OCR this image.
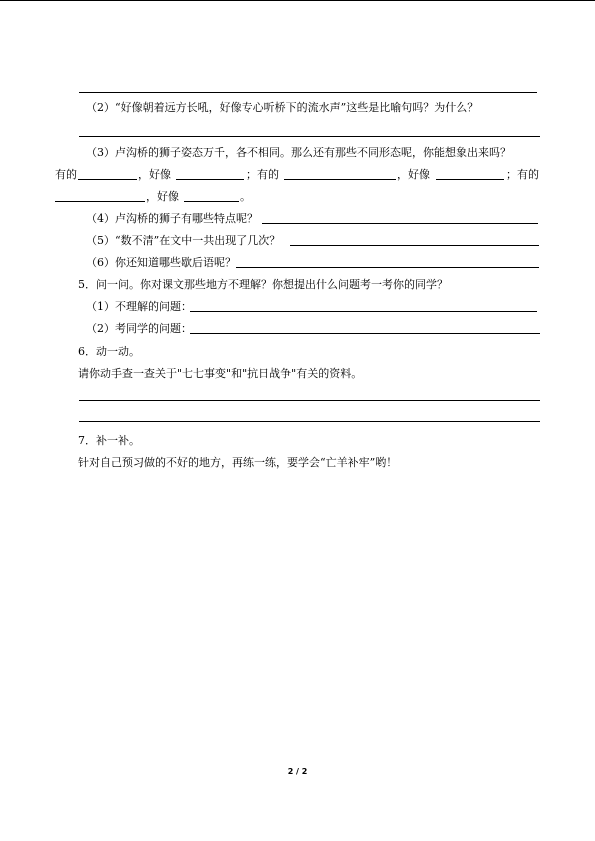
（2）“好像朝着远方长吼，好像专心听桥下的流水声”这些是比喻句吗？为什么？
（3）卢沟桥的狮子姿态万千，各不相同。那么还有那些不同形态呢，你能想象出来吗？
有的	，好像	；有的	，好像	；有的
，好像	。
（4）卢沟桥的狮子有哪些特点呢？
（5）“数不清”在文中一共出现了几次？
（6）你还知道哪些歇后语呢？
5．问一问。你对课文那些地方不理解？你想提出什么问题考一考你的同学？
（1）不理解的问题：
（2）考同学的问题：
6．动一动。
请你动手查一查关于"七七事变"和"抗日战争"有关的资料。
7．补一补。
针对自己预习做的不好的地方，再练一练，要学会“亡羊补牢”哟！
2 / 2
